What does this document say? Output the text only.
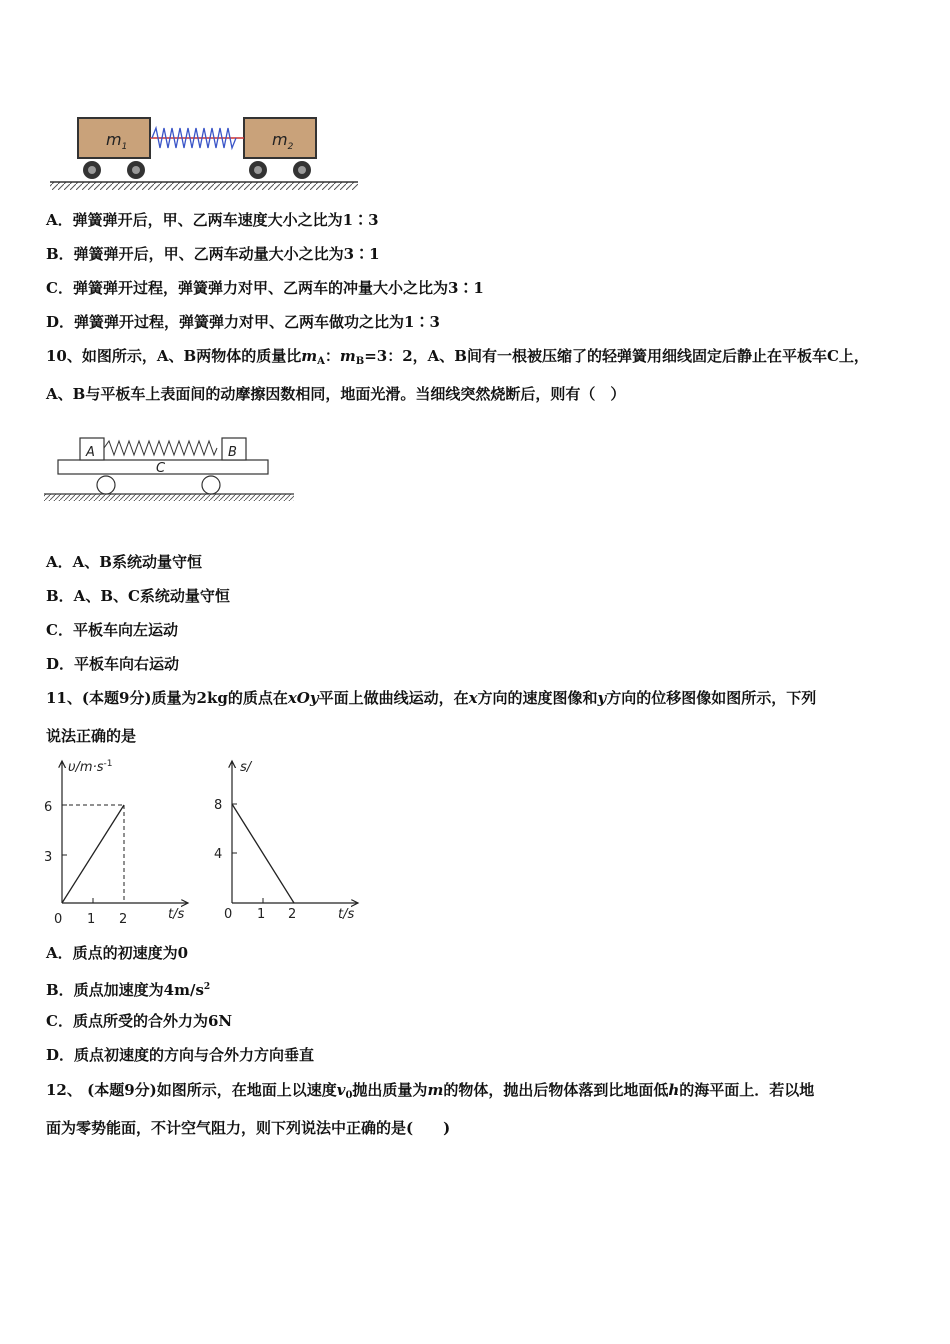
$m_1$	$m_2$
A．弹簧弹开后，甲、乙两车速度大小之比为1∶3
B．弹簧弹开后，甲、乙两车动量大小之比为3∶1
C．弹簧弹开过程，弹簧弹力对甲、乙两车的冲量大小之比为3∶1
D．弹簧弹开过程，弹簧弹力对甲、乙两车做功之比为1∶3
10、如图所示，A、B两物体的质量比$m_A$：$m_B=3$：2，A、B间有一根被压缩了的轻弹簧用细线固定后静止在平板车C上，
A、B与平板车上表面间的动摩擦因数相同，地面光滑。当细线突然烧断后，则有（　）
A	B
C
A．A、B系统动量守恒
B．A、B、C系统动量守恒
C．平板车向左运动
D．平板车向右运动
11、(本题9分)质量为2kg的质点在xOy平面上做曲线运动，在x方向的速度图像和y方向的位移图像如图所示，下列
说法正确的是
$\upsilon/m\cdot s^{-1}$
t/s
6
3
0 1 2
s/
t/s
8
4
0 1 2
A．质点的初速度为0
B．质点加速度为$4m/s^2$
C．质点所受的合外力为6N
D．质点初速度的方向与合外力方向垂直
12、 (本题9分)如图所示，在地面上以速度$v_0$抛出质量为m的物体，抛出后物体落到比地面低h的海平面上．若以地
面为零势能面，不计空气阻力，则下列说法中正确的是(　　)
